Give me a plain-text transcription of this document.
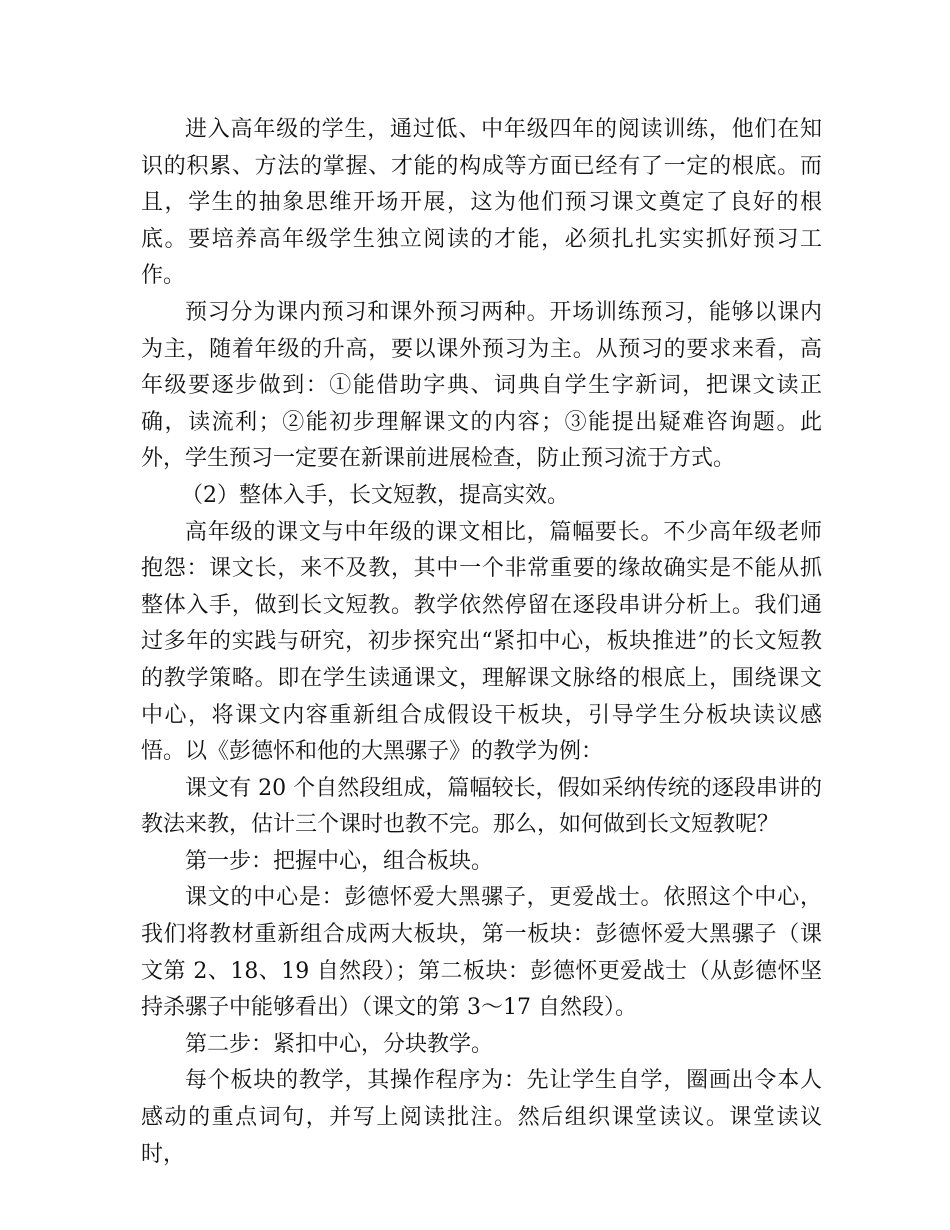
进入高年级的学生，通过低、中年级四年的阅读训练，他们在知识的积累、方法的掌握、才能的构成等方面已经有了一定的根底。而且，学生的抽象思维开场开展，这为他们预习课文奠定了良好的根底。要培养高年级学生独立阅读的才能，必须扎扎实实抓好预习工作。

预习分为课内预习和课外预习两种。开场训练预习，能够以课内为主，随着年级的升高，要以课外预习为主。从预习的要求来看，高年级要逐步做到：①能借助字典、词典自学生字新词，把课文读正确，读流利；②能初步理解课文的内容；③能提出疑难咨询题。此外，学生预习一定要在新课前进展检查，防止预习流于方式。

（2）整体入手，长文短教，提高实效。

高年级的课文与中年级的课文相比，篇幅要长。不少高年级老师抱怨：课文长，来不及教，其中一个非常重要的缘故确实是不能从抓整体入手，做到长文短教。教学依然停留在逐段串讲分析上。我们通过多年的实践与研究，初步探究出“紧扣中心，板块推进”的长文短教的教学策略。即在学生读通课文，理解课文脉络的根底上，围绕课文中心，将课文内容重新组合成假设干板块，引导学生分板块读议感悟。以《彭德怀和他的大黑骡子》的教学为例：

课文有 20 个自然段组成，篇幅较长，假如采纳传统的逐段串讲的教法来教，估计三个课时也教不完。那么，如何做到长文短教呢？

第一步：把握中心，组合板块。

课文的中心是：彭德怀爱大黑骡子，更爱战士。依照这个中心，我们将教材重新组合成两大板块，第一板块：彭德怀爱大黑骡子（课文第 2、18、19 自然段）；第二板块：彭德怀更爱战士（从彭德怀坚持杀骡子中能够看出）（课文的第 3～17 自然段）。

第二步：紧扣中心，分块教学。

每个板块的教学，其操作程序为：先让学生自学，圈画出令本人感动的重点词句，并写上阅读批注。然后组织课堂读议。课堂读议时，
